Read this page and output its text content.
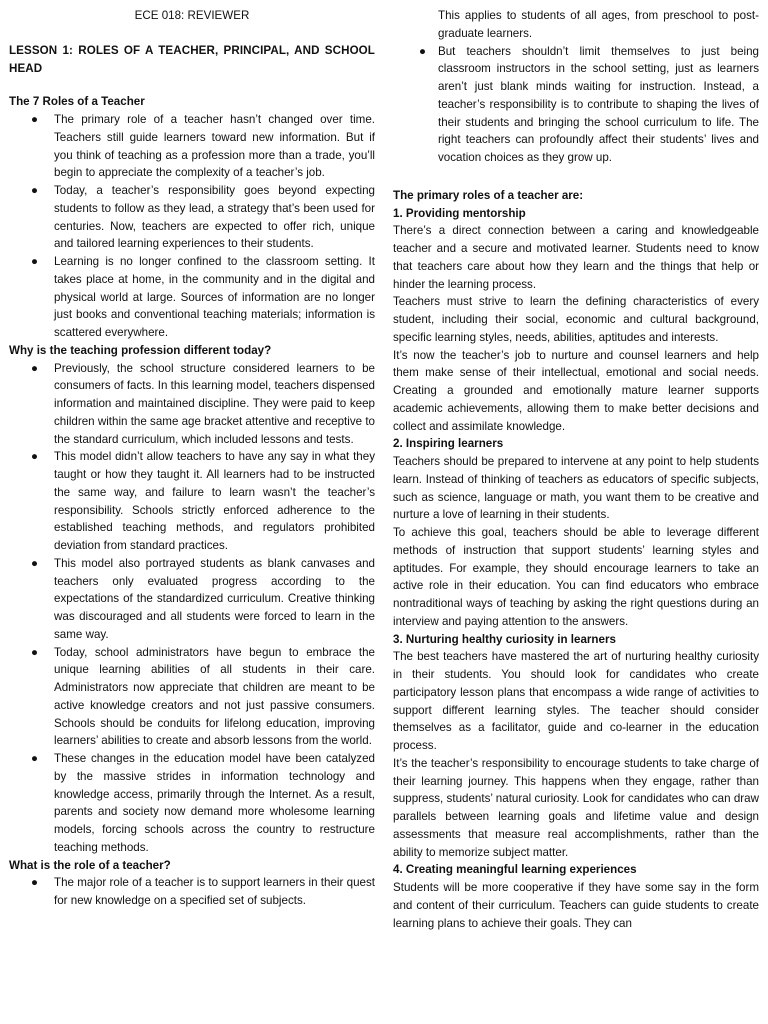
ECE 018: REVIEWER

LESSON 1: ROLES OF A TEACHER, PRINCIPAL, AND SCHOOL HEAD

The 7 Roles of a Teacher

● The primary role of a teacher hasn’t changed over time. Teachers still guide learners toward new information. But if you think of teaching as a profession more than a trade, you’ll begin to appreciate the complexity of a teacher’s job.
● Today, a teacher’s responsibility goes beyond expecting students to follow as they lead, a strategy that’s been used for centuries. Now, teachers are expected to offer rich, unique and tailored learning experiences to their students.
● Learning is no longer confined to the classroom setting. It takes place at home, in the community and in the digital and physical world at large. Sources of information are no longer just books and conventional teaching materials; information is scattered everywhere.

Why is the teaching profession different today?

● Previously, the school structure considered learners to be consumers of facts. In this learning model, teachers dispensed information and maintained discipline. They were paid to keep children within the same age bracket attentive and receptive to the standard curriculum, which included lessons and tests.
● This model didn’t allow teachers to have any say in what they taught or how they taught it. All learners had to be instructed the same way, and failure to learn wasn’t the teacher’s responsibility. Schools strictly enforced adherence to the established teaching methods, and regulators prohibited deviation from standard practices.
● This model also portrayed students as blank canvases and teachers only evaluated progress according to the expectations of the standardized curriculum. Creative thinking was discouraged and all students were forced to learn in the same way.
● Today, school administrators have begun to embrace the unique learning abilities of all students in their care. Administrators now appreciate that children are meant to be active knowledge creators and not just passive consumers. Schools should be conduits for lifelong education, improving learners’ abilities to create and absorb lessons from the world.
● These changes in the education model have been catalyzed by the massive strides in information technology and knowledge access, primarily through the Internet. As a result, parents and society now demand more wholesome learning models, forcing schools across the country to restructure teaching methods.

What is the role of a teacher?

● The major role of a teacher is to support learners in their quest for new knowledge on a specified set of subjects.
This applies to students of all ages, from preschool to post-graduate learners.
● But teachers shouldn’t limit themselves to just being classroom instructors in the school setting, just as learners aren’t just blank minds waiting for instruction. Instead, a teacher’s responsibility is to contribute to shaping the lives of their students and bringing the school curriculum to life. The right teachers can profoundly affect their students’ lives and vocation choices as they grow up.

The primary roles of a teacher are:

1. Providing mentorship

There’s a direct connection between a caring and knowledgeable teacher and a secure and motivated learner. Students need to know that teachers care about how they learn and the things that help or hinder the learning process.

Teachers must strive to learn the defining characteristics of every student, including their social, economic and cultural background, specific learning styles, needs, abilities, aptitudes and interests.

It’s now the teacher’s job to nurture and counsel learners and help them make sense of their intellectual, emotional and social needs. Creating a grounded and emotionally mature learner supports academic achievements, allowing them to make better decisions and collect and assimilate knowledge.

2. Inspiring learners

Teachers should be prepared to intervene at any point to help students learn. Instead of thinking of teachers as educators of specific subjects, such as science, language or math, you want them to be creative and nurture a love of learning in their students.

To achieve this goal, teachers should be able to leverage different methods of instruction that support students’ learning styles and aptitudes. For example, they should encourage learners to take an active role in their education. You can find educators who embrace nontraditional ways of teaching by asking the right questions during an interview and paying attention to the answers.

3. Nurturing healthy curiosity in learners

The best teachers have mastered the art of nurturing healthy curiosity in their students. You should look for candidates who create participatory lesson plans that encompass a wide range of activities to support different learning styles. The teacher should consider themselves as a facilitator, guide and co-learner in the education process.

It’s the teacher’s responsibility to encourage students to take charge of their learning journey. This happens when they engage, rather than suppress, students’ natural curiosity. Look for candidates who can draw parallels between learning goals and lifetime value and design assessments that measure real accomplishments, rather than the ability to memorize subject matter.

4. Creating meaningful learning experiences

Students will be more cooperative if they have some say in the form and content of their curriculum. Teachers can guide students to create learning plans to achieve their goals. They can
